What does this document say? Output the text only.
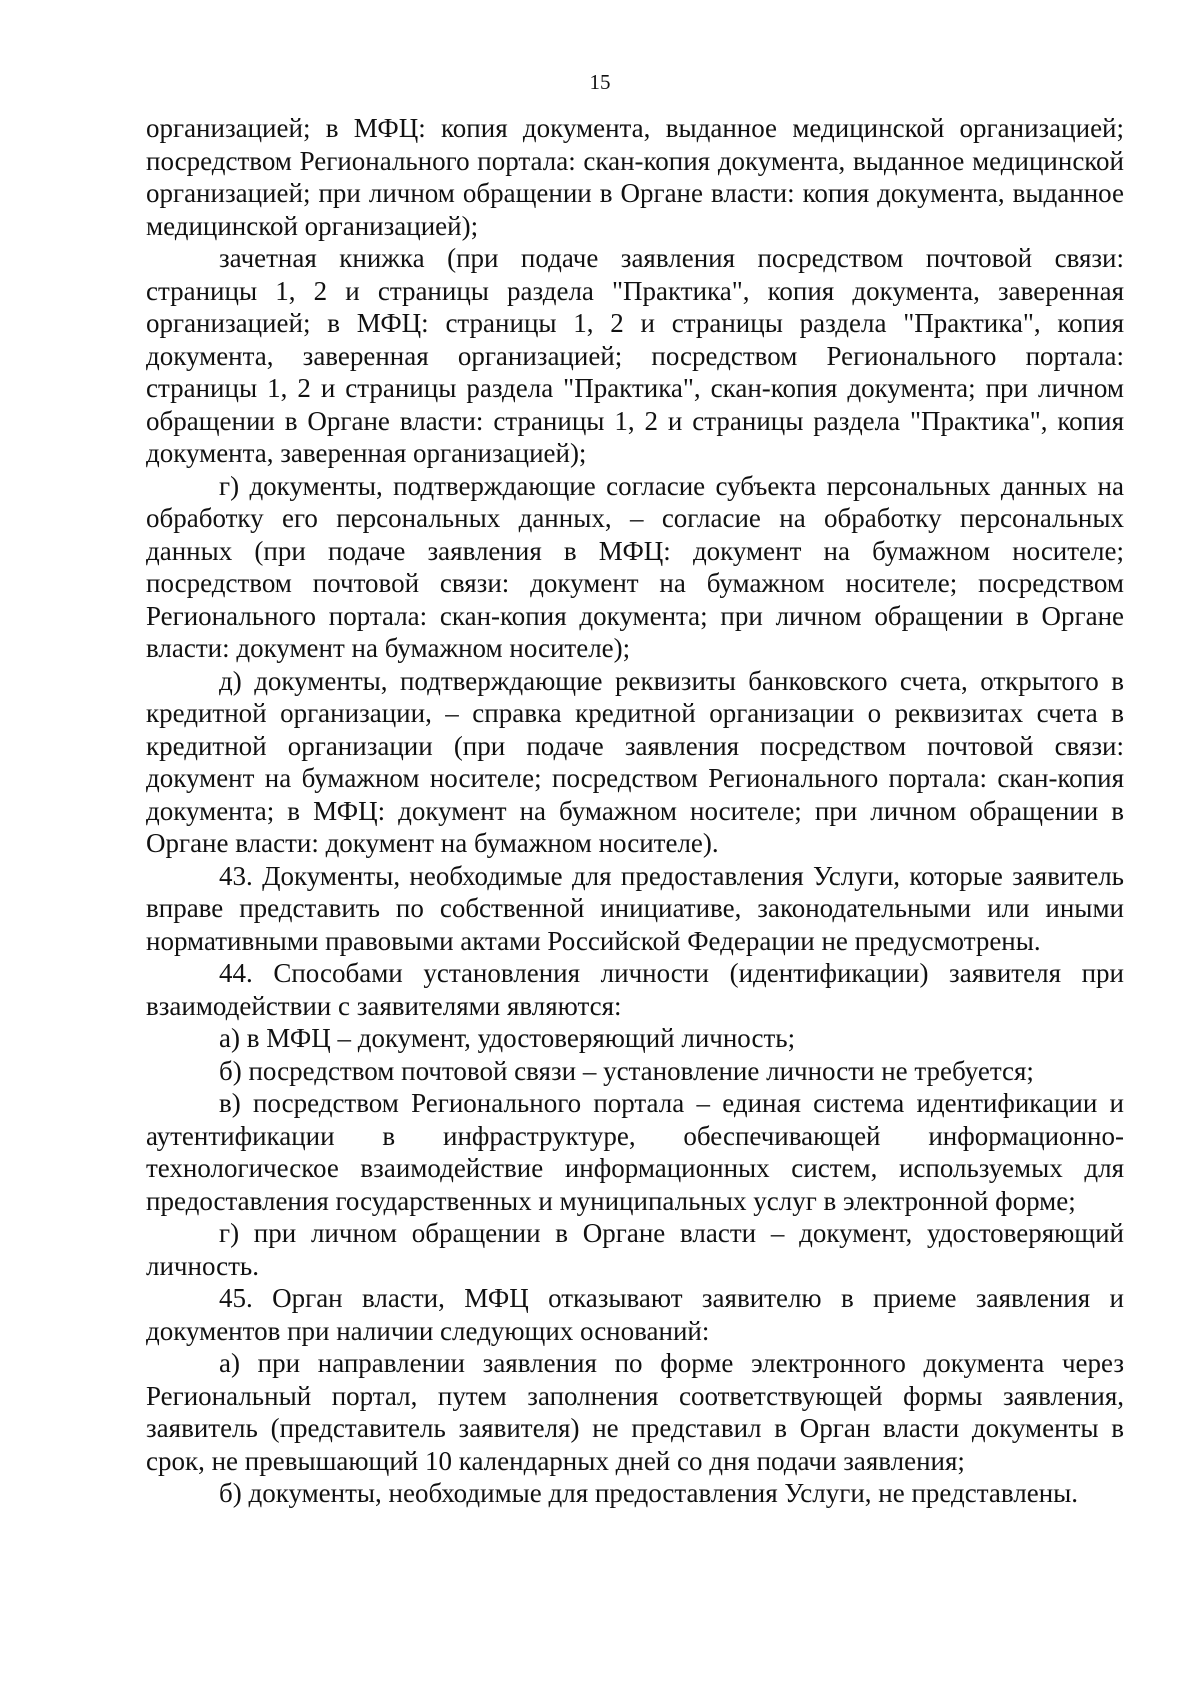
15

организацией; в МФЦ: копия документа, выданное медицинской организацией; посредством Регионального портала: скан-копия документа, выданное медицинской организацией; при личном обращении в Органе власти: копия документа, выданное медицинской организацией);

зачетная книжка (при подаче заявления посредством почтовой связи: страницы 1, 2 и страницы раздела "Практика", копия документа, заверенная организацией; в МФЦ: страницы 1, 2 и страницы раздела "Практика", копия документа, заверенная организацией; посредством Регионального портала: страницы 1, 2 и страницы раздела "Практика", скан-копия документа; при личном обращении в Органе власти: страницы 1, 2 и страницы раздела "Практика", копия документа, заверенная организацией);

г) документы, подтверждающие согласие субъекта персональных данных на обработку его персональных данных, – согласие на обработку персональных данных (при подаче заявления в МФЦ: документ на бумажном носителе; посредством почтовой связи: документ на бумажном носителе; посредством Регионального портала: скан-копия документа; при личном обращении в Органе власти: документ на бумажном носителе);

д) документы, подтверждающие реквизиты банковского счета, открытого в кредитной организации, – справка кредитной организации о реквизитах счета в кредитной организации (при подаче заявления посредством почтовой связи: документ на бумажном носителе; посредством Регионального портала: скан-копия документа; в МФЦ: документ на бумажном носителе; при личном обращении в Органе власти: документ на бумажном носителе).

43. Документы, необходимые для предоставления Услуги, которые заявитель вправе представить по собственной инициативе, законодательными или иными нормативными правовыми актами Российской Федерации не предусмотрены.

44. Способами установления личности (идентификации) заявителя при взаимодействии с заявителями являются:

а) в МФЦ – документ, удостоверяющий личность;

б) посредством почтовой связи – установление личности не требуется;

в) посредством Регионального портала – единая система идентификации и аутентификации в инфраструктуре, обеспечивающей информационно-технологическое взаимодействие информационных систем, используемых для предоставления государственных и муниципальных услуг в электронной форме;

г) при личном обращении в Органе власти – документ, удостоверяющий личность.

45. Орган власти, МФЦ отказывают заявителю в приеме заявления и документов при наличии следующих оснований:

а) при направлении заявления по форме электронного документа через Региональный портал, путем заполнения соответствующей формы заявления, заявитель (представитель заявителя) не представил в Орган власти документы в срок, не превышающий 10 календарных дней со дня подачи заявления;

б) документы, необходимые для предоставления Услуги, не представлены.
